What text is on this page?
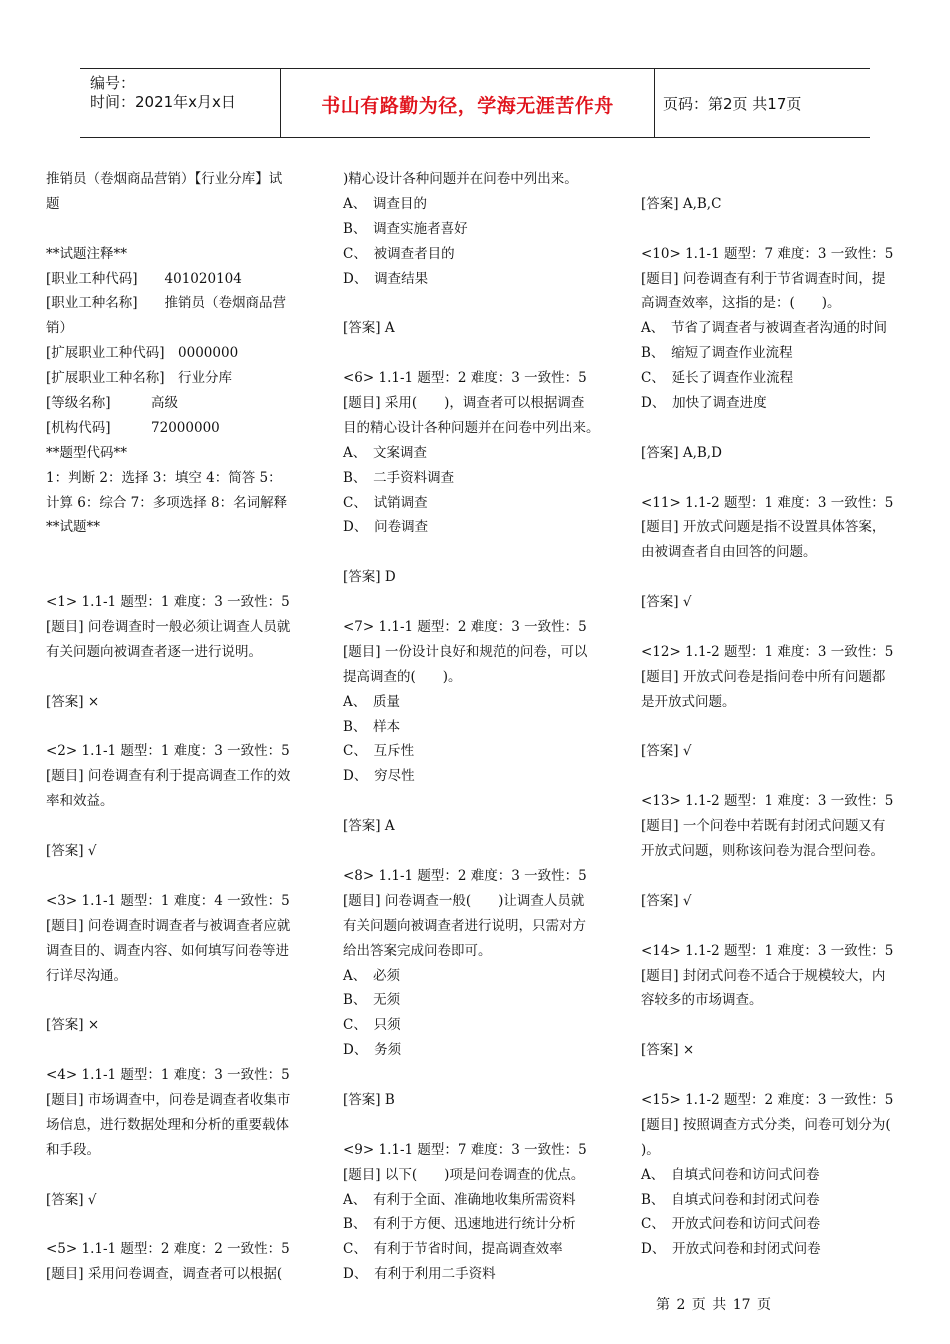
编号：
时间：2021年x月x日	书山有路勤为径，学海无涯苦作舟	页码：第2页 共17页
推销员（卷烟商品营销）【行业分库】试
题
**试题注释**
[职业工种代码]　　401020104
[职业工种名称]　　推销员（卷烟商品营
销）
[扩展职业工种代码]　0000000
[扩展职业工种名称]　行业分库
[等级名称]　　　高级
[机构代码]　　　72000000
**题型代码**
1：判断 2：选择 3：填空 4：简答 5：
计算 6：综合 7：多项选择 8：名词解释
**试题**
<1> 1.1-1 题型：1 难度：3 一致性：5
[题目] 问卷调查时一般必须让调查人员就
有关问题向被调查者逐一进行说明。
[答案] ×
<2> 1.1-1 题型：1 难度：3 一致性：5
[题目] 问卷调查有利于提高调查工作的效
率和效益。
[答案] √
<3> 1.1-1 题型：1 难度：4 一致性：5
[题目] 问卷调查时调查者与被调查者应就
调查目的、调查内容、如何填写问卷等进
行详尽沟通。
[答案] ×
<4> 1.1-1 题型：1 难度：3 一致性：5
[题目] 市场调查中，问卷是调查者收集市
场信息，进行数据处理和分析的重要载体
和手段。
[答案] √
<5> 1.1-1 题型：2 难度：2 一致性：5
[题目] 采用问卷调查，调查者可以根据(
)精心设计各种问题并在问卷中列出来。
A、　调查目的
B、　调查实施者喜好
C、　被调查者目的
D、　调查结果
[答案] A
<6> 1.1-1 题型：2 难度：3 一致性：5
[题目] 采用(　　)，调查者可以根据调查
目的精心设计各种问题并在问卷中列出来。
A、　文案调查
B、　二手资料调查
C、　试销调查
D、　问卷调查
[答案] D
<7> 1.1-1 题型：2 难度：3 一致性：5
[题目] 一份设计良好和规范的问卷，可以
提高调查的(　　)。
A、　质量
B、　样本
C、　互斥性
D、　穷尽性
[答案] A
<8> 1.1-1 题型：2 难度：3 一致性：5
[题目] 问卷调查一般(　　)让调查人员就
有关问题向被调查者进行说明，只需对方
给出答案完成问卷即可。
A、　必须
B、　无须
C、　只须
D、　务须
[答案] B
<9> 1.1-1 题型：7 难度：3 一致性：5
[题目] 以下(　　)项是问卷调查的优点。
A、　有利于全面、准确地收集所需资料
B、　有利于方便、迅速地进行统计分析
C、　有利于节省时间，提高调查效率
D、　有利于利用二手资料
[答案] A,B,C
<10> 1.1-1 题型：7 难度：3 一致性：5
[题目] 问卷调查有利于节省调查时间，提
高调查效率，这指的是：(　　)。
A、　节省了调查者与被调查者沟通的时间
B、　缩短了调查作业流程
C、　延长了调查作业流程
D、　加快了调查进度
[答案] A,B,D
<11> 1.1-2 题型：1 难度：3 一致性：5
[题目] 开放式问题是指不设置具体答案，
由被调查者自由回答的问题。
[答案] √
<12> 1.1-2 题型：1 难度：3 一致性：5
[题目] 开放式问卷是指问卷中所有问题都
是开放式问题。
[答案] √
<13> 1.1-2 题型：1 难度：3 一致性：5
[题目] 一个问卷中若既有封闭式问题又有
开放式问题，则称该问卷为混合型问卷。
[答案] √
<14> 1.1-2 题型：1 难度：3 一致性：5
[题目] 封闭式问卷不适合于规模较大，内
容较多的市场调查。
[答案] ×
<15> 1.1-2 题型：2 难度：3 一致性：5
[题目] 按照调查方式分类，问卷可划分为(
)。
A、　自填式问卷和访问式问卷
B、　自填式问卷和封闭式问卷
C、　开放式问卷和访问式问卷
D、　开放式问卷和封闭式问卷
第 2 页 共 17 页
